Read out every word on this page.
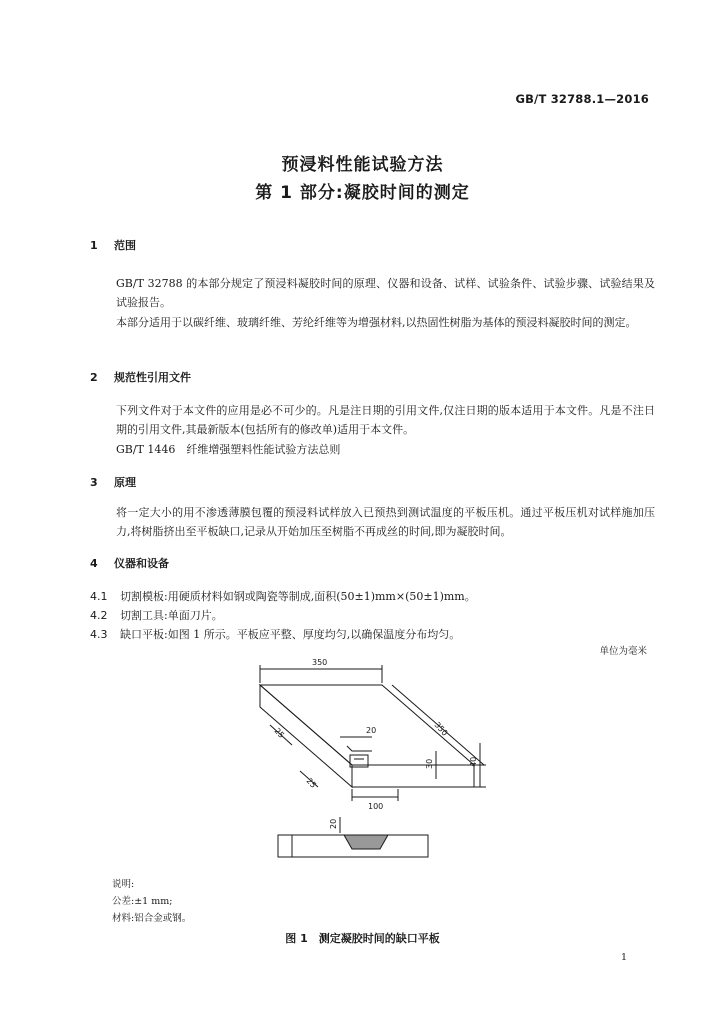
GB/T 32788.1—2016
预浸料性能试验方法
第 1 部分:凝胶时间的测定
1 范围
GB/T 32788 的本部分规定了预浸料凝胶时间的原理、仪器和设备、试样、试验条件、试验步骤、试验结果及试验报告。
本部分适用于以碳纤维、玻璃纤维、芳纶纤维等为增强材料,以热固性树脂为基体的预浸料凝胶时间的测定。
2 规范性引用文件
下列文件对于本文件的应用是必不可少的。凡是注日期的引用文件,仅注日期的版本适用于本文件。凡是不注日期的引用文件,其最新版本(包括所有的修改单)适用于本文件。
GB/T 1446　纤维增强塑料性能试验方法总则
3 原理
将一定大小的用不渗透薄膜包覆的预浸料试样放入已预热到测试温度的平板压机。通过平板压机对试样施加压力,将树脂挤出至平板缺口,记录从开始加压至树脂不再成丝的时间,即为凝胶时间。
4 仪器和设备
4.1 切割模板:用硬质材料如钢或陶瓷等制成,面积(50±1)mm×(50±1)mm。
4.2 切割工具:单面刀片。
4.3 缺口平板:如图 1 所示。平板应平整、厚度均匀,以确保温度分布均匀。
单位为毫米
350
350
20
25
25
30	40
100
20
说明:
公差:±1 mm;
材料:铝合金或钢。
图 1　测定凝胶时间的缺口平板
1
